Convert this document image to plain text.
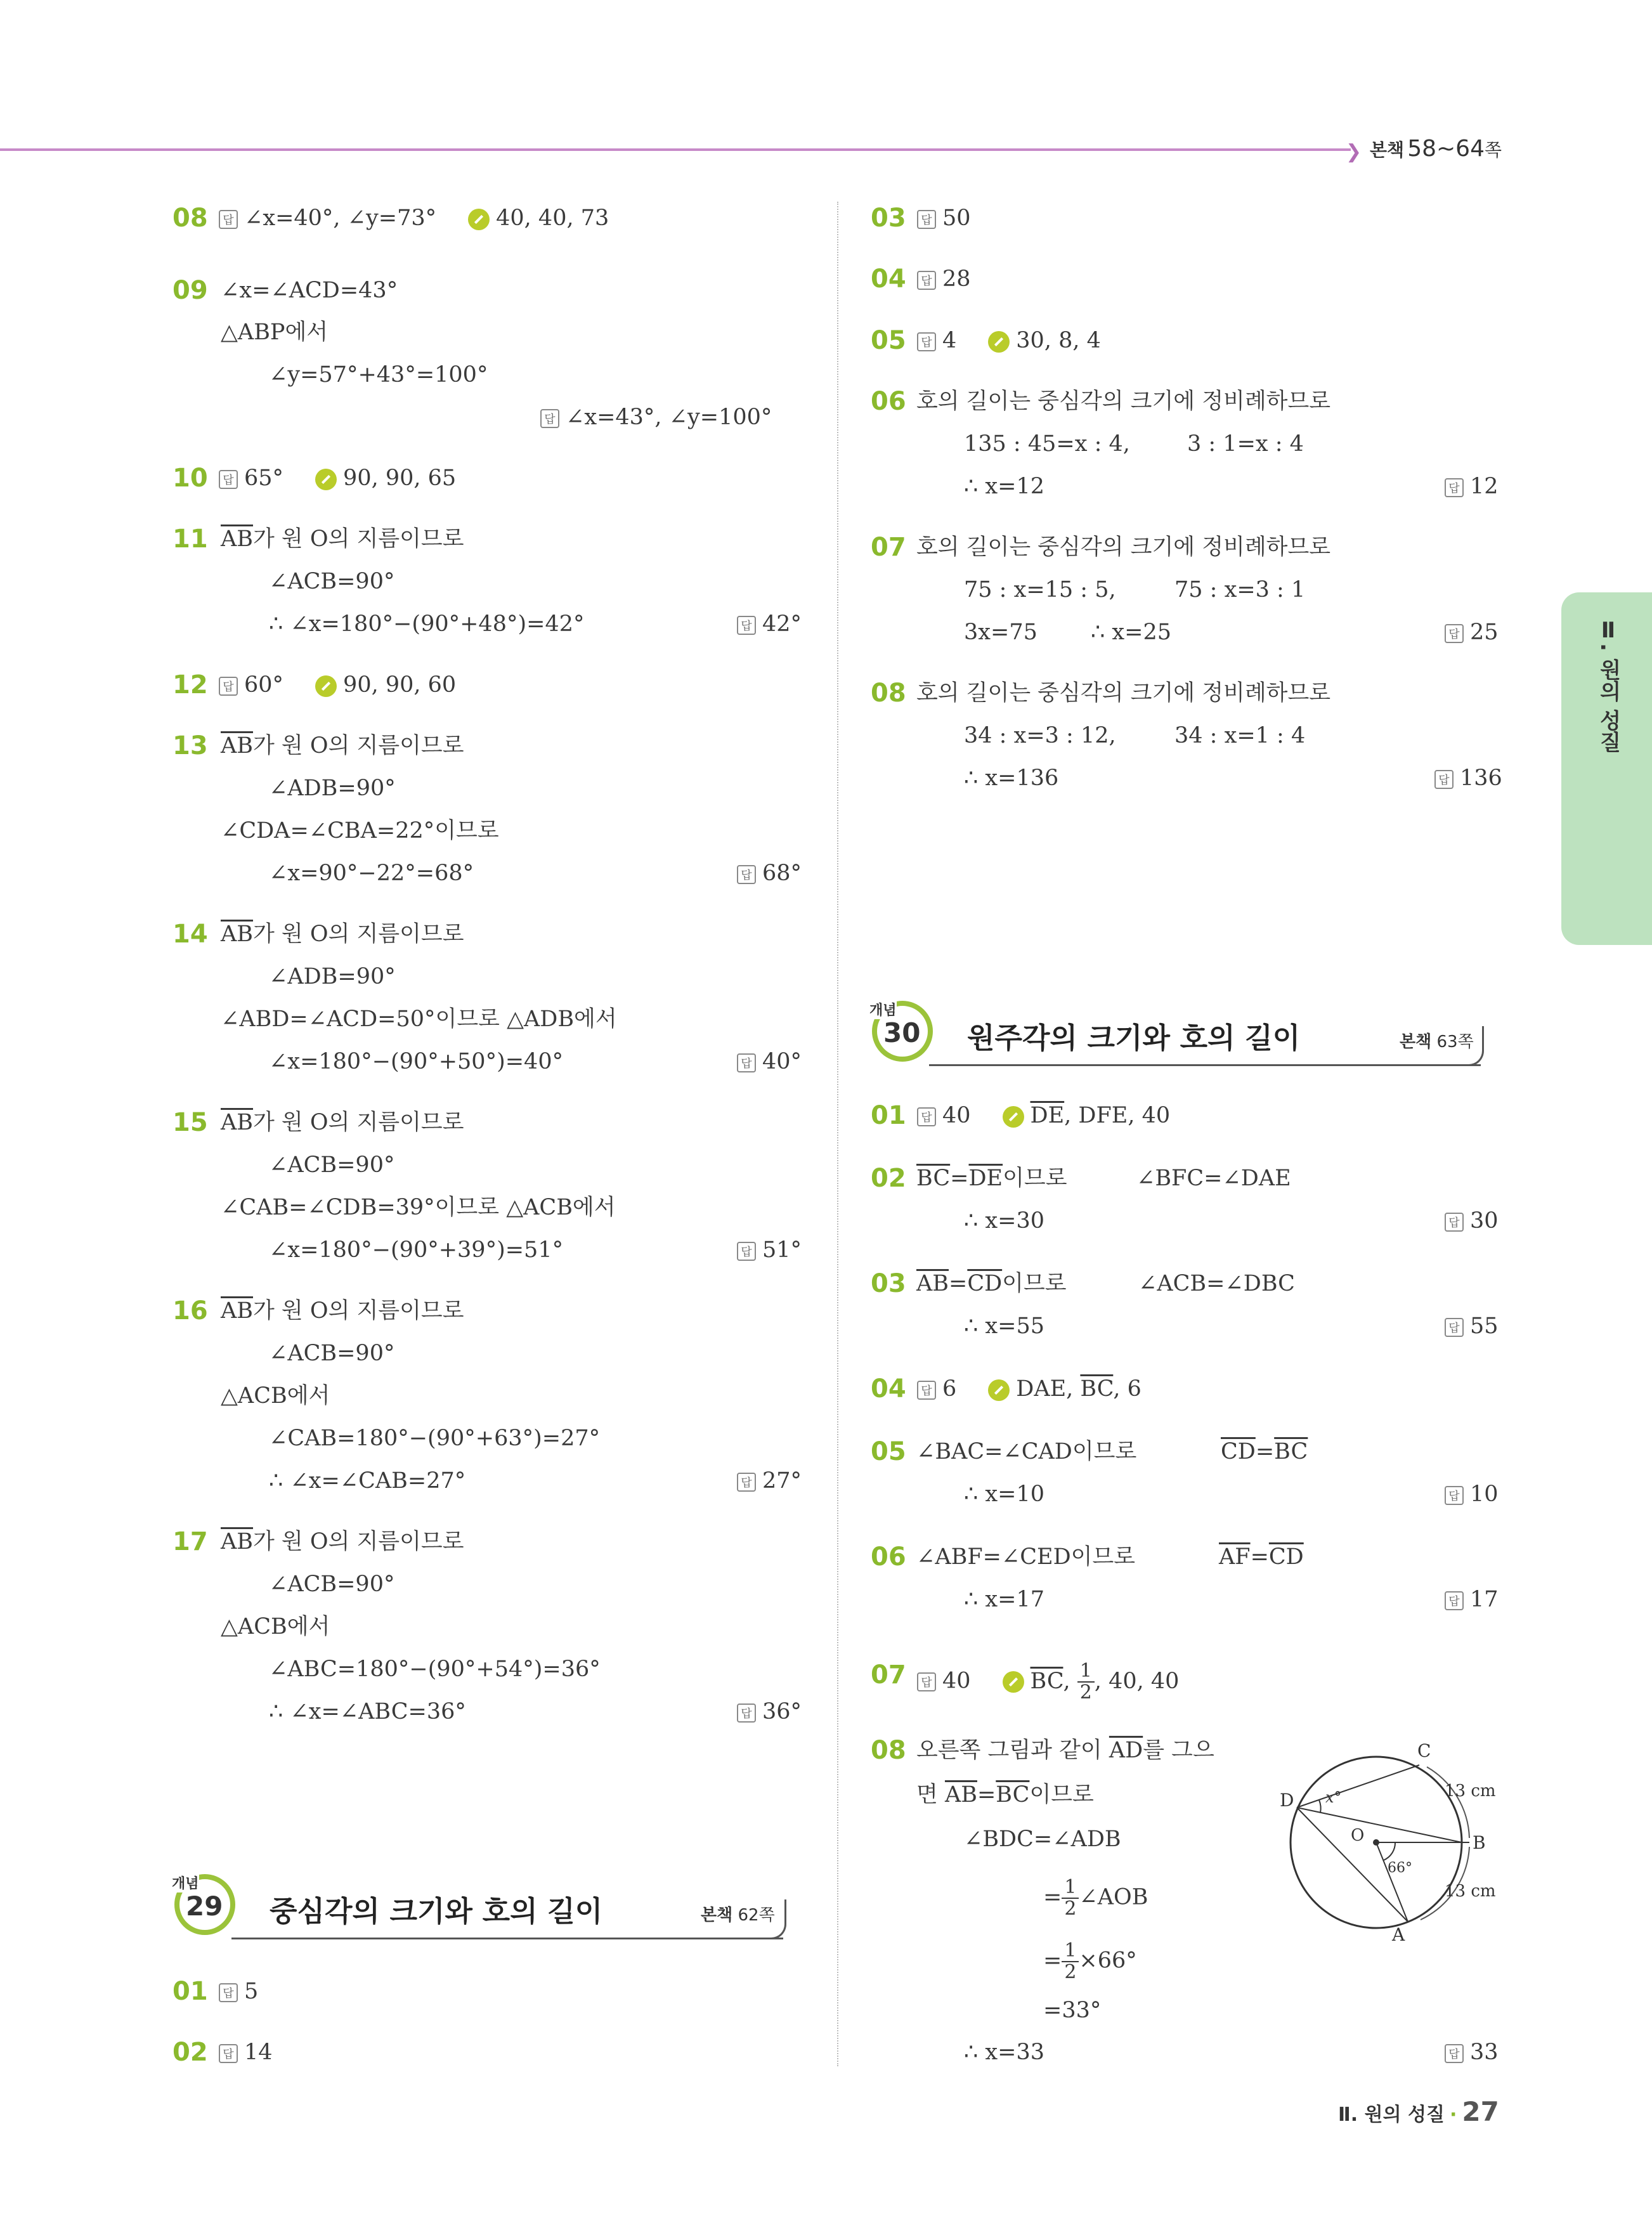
❯ 본책 58~64쪽
Ⅱ. 원의 성질
08	답 ∠x=40°, ∠y=73°	40, 40, 73
09 ∠x=∠ACD=43°
△ABP에서
∠y=57°+43°=100°
답 ∠x=43°, ∠y=100°
10	답 65°	90, 90, 65
11 $\overline{AB}$가 원 O의 지름이므로
∠ACB=90°
∴ ∠x=180°−(90°+48°)=42°	답 42°
12	답 60°	90, 90, 60
13 $\overline{AB}$가 원 O의 지름이므로
∠ADB=90°
∠CDA=∠CBA=22°이므로
∠x=90°−22°=68°	답 68°
14 $\overline{AB}$가 원 O의 지름이므로
∠ADB=90°
∠ABD=∠ACD=50°이므로 △ADB에서
∠x=180°−(90°+50°)=40°	답 40°
15 $\overline{AB}$가 원 O의 지름이므로
∠ACB=90°
∠CAB=∠CDB=39°이므로 △ACB에서
∠x=180°−(90°+39°)=51°	답 51°
16 $\overline{AB}$가 원 O의 지름이므로
∠ACB=90°
△ACB에서
∠CAB=180°−(90°+63°)=27°
∴ ∠x=∠CAB=27°	답 27°
17 $\overline{AB}$가 원 O의 지름이므로
∠ACB=90°
△ACB에서
∠ABC=180°−(90°+54°)=36°
∴ ∠x=∠ABC=36°	답 36°
개념
29 중심각의 크기와 호의 길이	본책 62쪽
01	답 5
02	답 14
03	답 50
04	답 28
05	답 4	30, 8, 4
06 호의 길이는 중심각의 크기에 정비례하므로
135 : 45=x : 4,	3 : 1=x : 4
∴ x=12	답 12
07 호의 길이는 중심각의 크기에 정비례하므로
75 : x=15 : 5,	75 : x=3 : 1
3x=75 ∴ x=25	답 25
08 호의 길이는 중심각의 크기에 정비례하므로
34 : x=3 : 12,	34 : x=1 : 4
∴ x=136	답 136
개념
30 원주각의 크기와 호의 길이	본책 63쪽
01	답 40	$\overline{DE}$, DFE, 40
02 $\overline{BC}=\overline{DE}$이므로	∠BFC=∠DAE
∴ x=30	답 30
03 $\overline{AB}=\overline{CD}$이므로	∠ACB=∠DBC
∴ x=55	답 55
04	답 6	DAE, $\overline{BC}$, 6
05 ∠BAC=∠CAD이므로	$\overline{CD}=\overline{BC}$
∴ x=10	답 10
06 ∠ABF=∠CED이므로	$\overline{AF}=\overline{CD}$
∴ x=17	답 17
07	답 40	$\overline{BC}$, $\frac{1}{2}$ , 40, 40
08 오른쪽 그림과 같이 $\overline{AD}$를 그으
면 $\overline{AB}=\overline{BC}$이므로
∠BDC=∠ADB
= $\frac{1}{2}$ ∠AOB
= $\frac{1}{2} \times 66^\circ$
=33°
∴ x=33	답 33
C
D
O	B
A
x°
66°
13 cm
13 cm
Ⅱ. 원의 성질 · 27
